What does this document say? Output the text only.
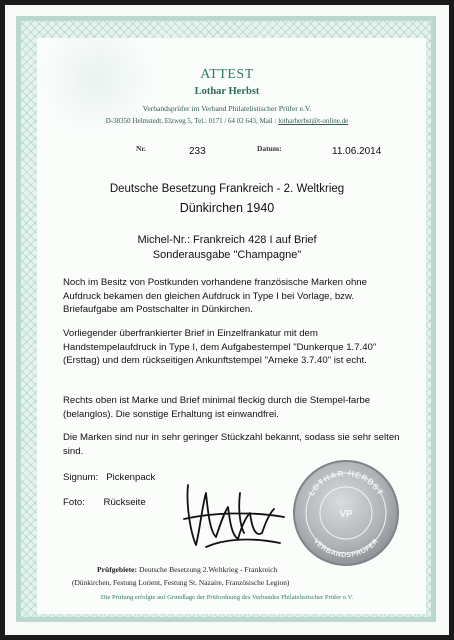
ATTEST
Lothar Herbst
Verbandsprüfer im Verband Philatelistischer Prüfer e.V.
D-38350 Helmstedt, Elzweg 5, Tel.: 0171 / 64 02 643, Mail : lotharherbst@t-online.de
Nr.	233	Datum:	11.06.2014
Deutsche Besetzung Frankreich - 2. Weltkrieg
Dünkirchen 1940
Michel-Nr.: Frankreich 428 I auf Brief
Sonderausgabe "Champagne"
Noch im Besitz von Postkunden vorhandene französische Marken ohne Aufdruck bekamen den gleichen Aufdruck in Type I bei Vorlage, bzw. Briefaufgabe am Postschalter in Dünkirchen.
Vorliegender überfrankierter Brief in Einzelfrankatur mit dem Handstempelaufdruck in Type I, dem Aufgabestempel "Dunkerque 1.7.40" (Ersttag) und dem rückseitigen Ankunftstempel "Arneke 3.7.40" ist echt.
Rechts oben ist Marke und Brief minimal fleckig durch die Stempel-farbe (belanglos). Die sonstige Erhaltung ist einwandfrei.
Die Marken sind nur in sehr geringer Stückzahl bekannt, sodass sie sehr selten sind.
Signum: Pickenpack
Foto: Rückseite
LOTHAR HERBST
VP
VERBANDSPRÜFER
Prüfgebiete: Deutsche Besetzung 2.Weltkrieg - Frankreich
(Dünkirchen, Festung Lorient, Festung St. Nazaire, Französische Legion)
Die Prüfung erfolgte auf Grundlage der Prüfordnung des Verbandes Philatelistischer Prüfer e.V.
